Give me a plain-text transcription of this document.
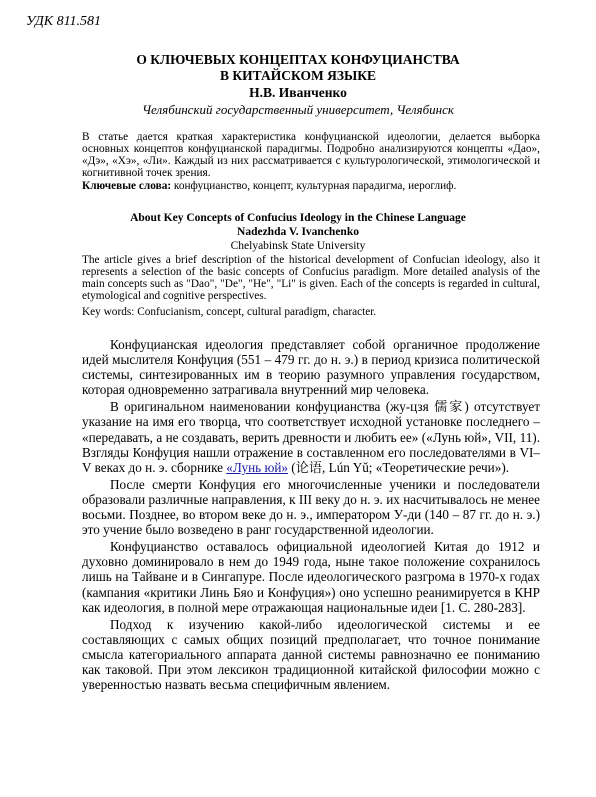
УДК 811.581
О КЛЮЧЕВЫХ КОНЦЕПТАХ КОНФУЦИАНСТВА
В КИТАЙСКОМ ЯЗЫКЕ
Н.В. Иванченко
Челябинский государственный университет, Челябинск

В статье дается краткая характеристика конфуцианской идеологии, делается выборка основных концептов конфуцианской парадигмы. Подробно анализируются концепты «Дао», «Дэ», «Хэ», «Ли». Каждый из них рассматривается с культурологической, этимологической и когнитивной точек зрения.

Ключевые слова: конфуцианство, концепт, культурная парадигма, иероглиф.

About Key Concepts of Confucius Ideology in the Chinese Language
Nadezhda V. Ivanchenko
Chelyabinsk State University

The article gives a brief description of the historical development of Confucian ideology, also it represents a selection of the basic concepts of Confucius paradigm. More detailed analysis of the main concepts such as "Dao", "De", "He", "Li" is given. Each of the concepts is regarded in cultural, etymological and cognitive perspectives.

Key words: Confucianism, concept, cultural paradigm, character.

Конфуцианская идеология представляет собой органичное продолжение идей мыслителя Конфуция (551 – 479 гг. до н. э.) в период кризиса политической системы, синтезированных им в теорию разумного управления государством, которая одновременно затрагивала внутренний мир человека.

В оригинальном наименовании конфуцианства (жу-цзя 儒家) отсутствует указание на имя его творца, что соответствует исходной установке последнего – «передавать, а не создавать, верить древности и любить ее» («Лунь юй», VII, 11). Взгляды Конфуция нашли отражение в составленном его последователями в VI–V веках до н. э. сборнике «Лунь юй» (论语, Lún Yǔ; «Теоретические речи»).

После смерти Конфуция его многочисленные ученики и последователи образовали различные направления, к III веку до н. э. их насчитывалось не менее восьми. Позднее, во втором веке до н. э., императором У-ди (140 – 87 гг. до н. э.) это учение было возведено в ранг государственной идеологии.

Конфуцианство оставалось официальной идеологией Китая до 1912 и духовно доминировало в нем до 1949 года, ныне такое положение сохранилось лишь на Тайване и в Сингапуре. После идеологического разгрома в 1970-х годах (кампания «критики Линь Бяо и Конфуция») оно успешно реанимируется в КНР как идеология, в полной мере отражающая национальные идеи [1. С. 280-283].

Подход к изучению какой-либо идеологической системы и ее составляющих с самых общих позиций предполагает, что точное понимание смысла категориального аппарата данной системы равнозначно ее пониманию как таковой. При этом лексикон традиционной китайской философии можно с уверенностью назвать весьма специфичным явлением.
